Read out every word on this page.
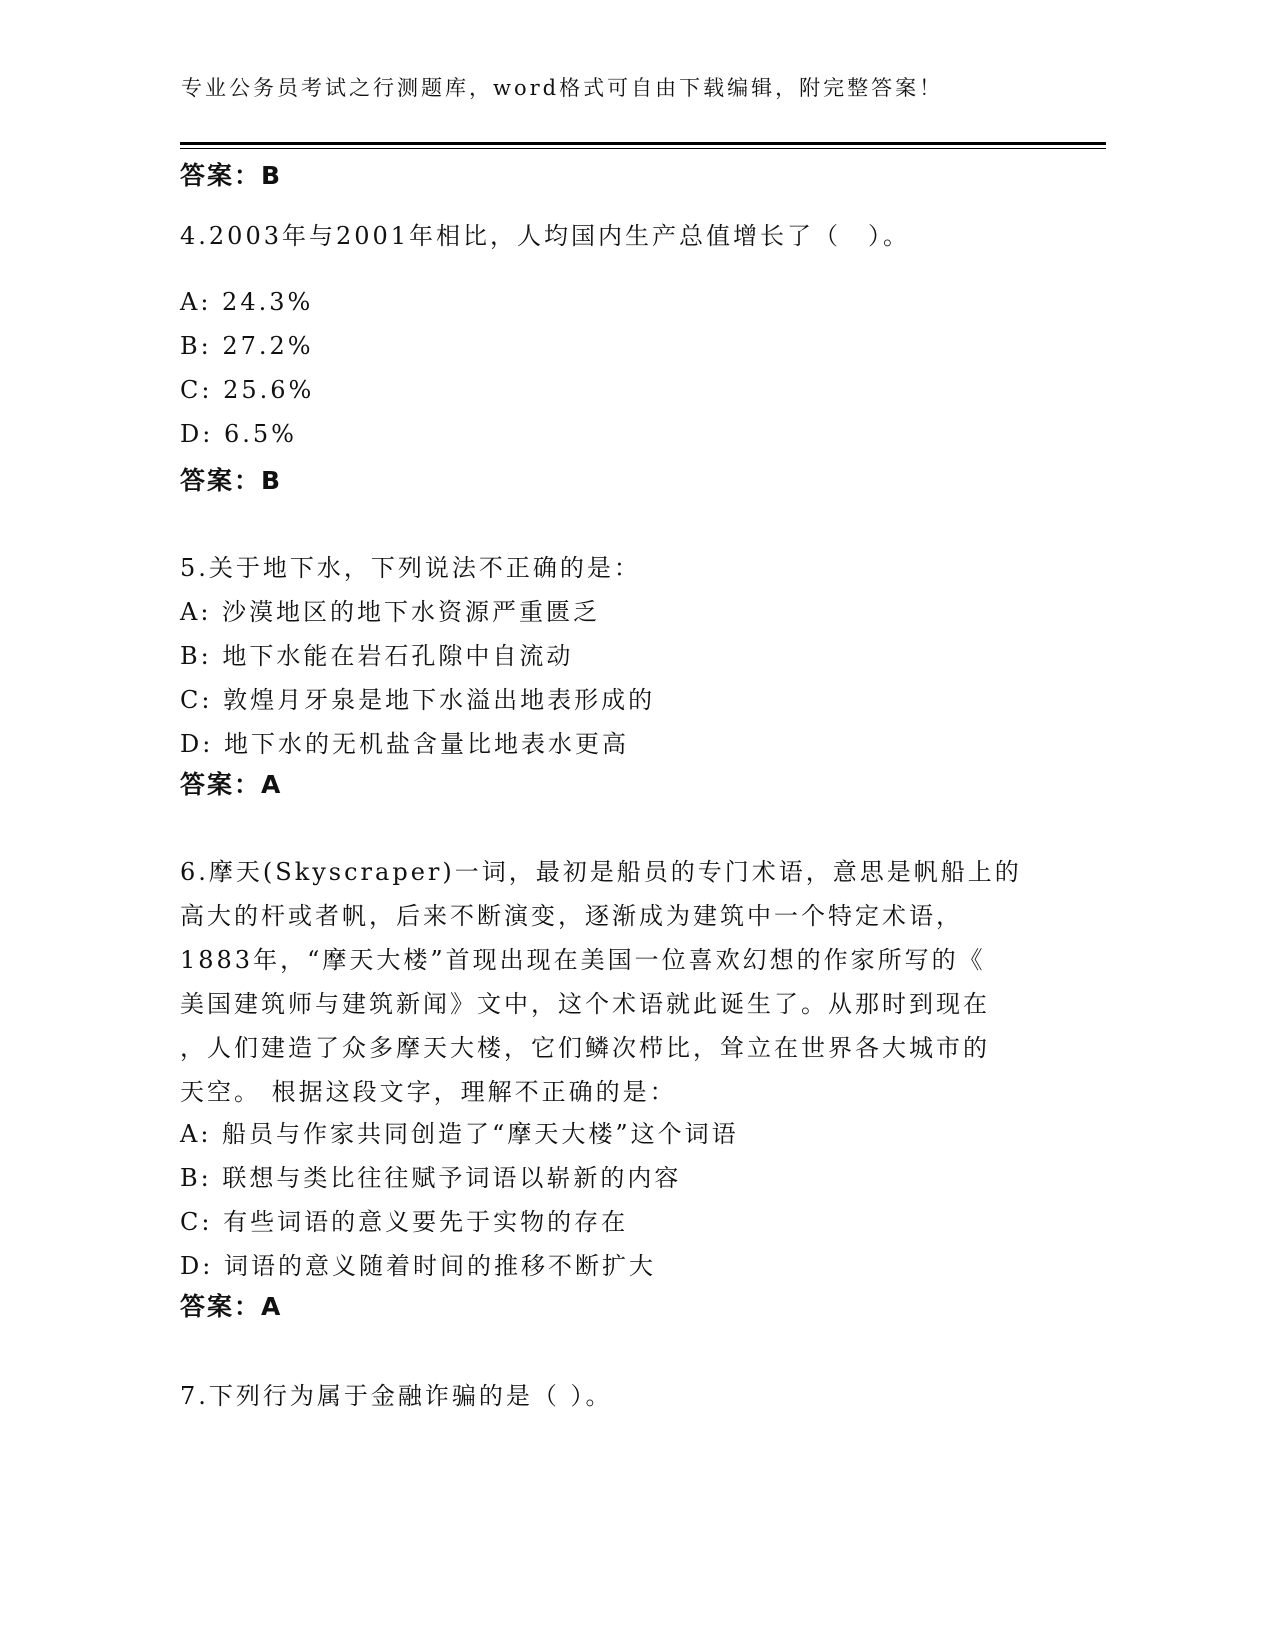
专业公务员考试之行测题库，word格式可自由下载编辑，附完整答案！
答案：B
4.2003年与2001年相比，人均国内生产总值增长了（　）。
A: 24.3%
B: 27.2%
C: 25.6%
D: 6.5%
答案：B
5.关于地下水，下列说法不正确的是：
A: 沙漠地区的地下水资源严重匮乏
B: 地下水能在岩石孔隙中自流动
C: 敦煌月牙泉是地下水溢出地表形成的
D: 地下水的无机盐含量比地表水更高
答案：A
6.摩天(Skyscraper)一词，最初是船员的专门术语，意思是帆船上的
高大的杆或者帆，后来不断演变，逐渐成为建筑中一个特定术语，
1883年，“摩天大楼”首现出现在美国一位喜欢幻想的作家所写的《
美国建筑师与建筑新闻》文中，这个术语就此诞生了。从那时到现在
，人们建造了众多摩天大楼，它们鳞次栉比，耸立在世界各大城市的
天空。 根据这段文字，理解不正确的是：
A: 船员与作家共同创造了“摩天大楼”这个词语
B: 联想与类比往往赋予词语以崭新的内容
C: 有些词语的意义要先于实物的存在
D: 词语的意义随着时间的推移不断扩大
答案：A
7.下列行为属于金融诈骗的是（ ）。
